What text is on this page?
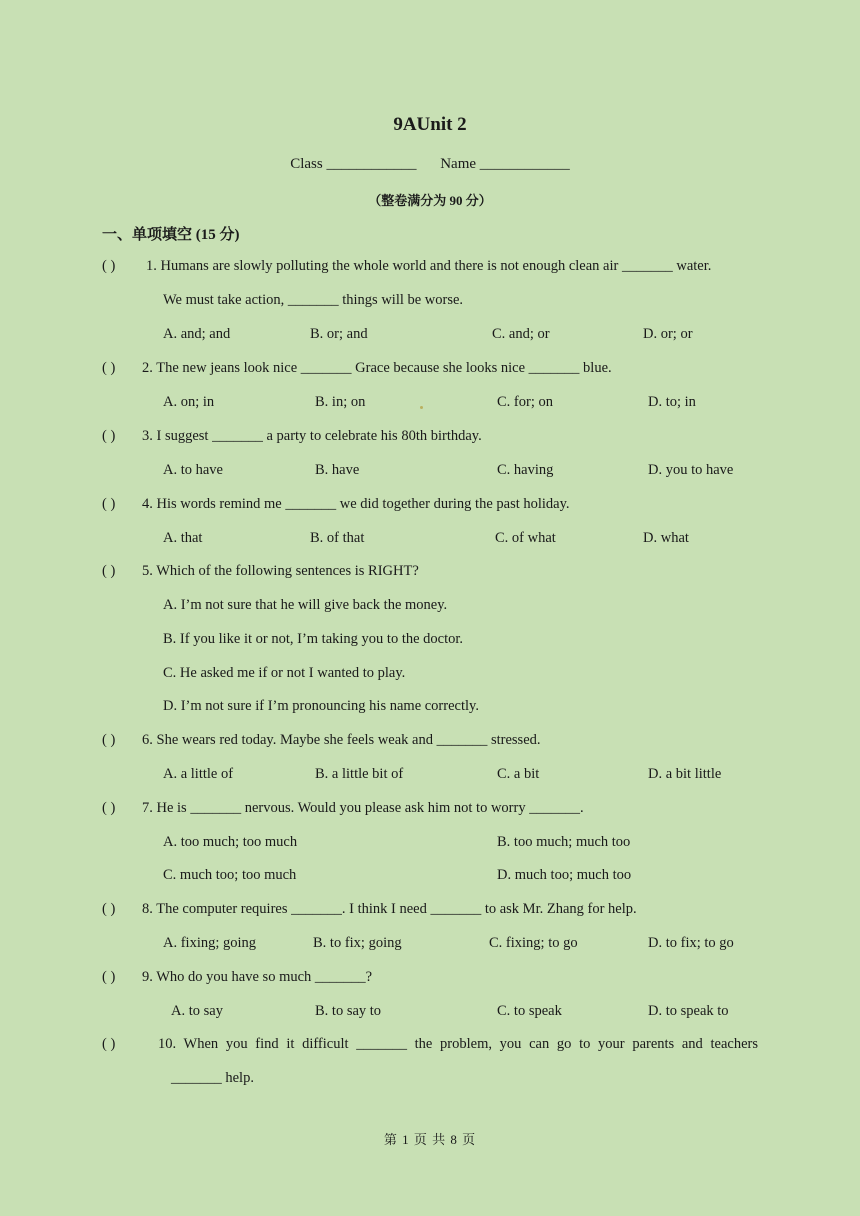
9AUnit 2
Class ____________ Name ____________
（整卷满分为 90 分）
一、单项填空 (15 分)
( ) 1. Humans are slowly polluting the whole world and there is not enough clean air _______ water.
We must take action, _______ things will be worse.
A. and; and	B. or; and	C. and; or	D. or; or
( ) 2. The new jeans look nice _______ Grace because she looks nice _______ blue.
A. on; in	B. in; on	C. for; on	D. to; in
( ) 3. I suggest _______ a party to celebrate his 80th birthday.
A. to have	B. have	C. having	D. you to have
( ) 4. His words remind me _______ we did together during the past holiday.
A. that	B. of that	C. of what	D. what
( ) 5. Which of the following sentences is RIGHT?
A. I’m not sure that he will give back the money.
B. If you like it or not, I’m taking you to the doctor.
C. He asked me if or not I wanted to play.
D. I’m not sure if I’m pronouncing his name correctly.
( ) 6. She wears red today. Maybe she feels weak and _______ stressed.
A. a little of	B. a little bit of	C. a bit	D. a bit little
( ) 7. He is _______ nervous. Would you please ask him not to worry _______.
A. too much; too much	B. too much; much too
C. much too; too much	D. much too; much too
( ) 8. The computer requires _______. I think I need _______ to ask Mr. Zhang for help.
A. fixing; going	B. to fix; going	C. fixing; to go	D. to fix; to go
( ) 9. Who do you have so much _______?
A. to say	B. to say to	C. to speak	D. to speak to
( )	10. When you find it difficult _______ the problem, you can go to your parents and teachers
_______ help.
第 1 页 共 8 页
